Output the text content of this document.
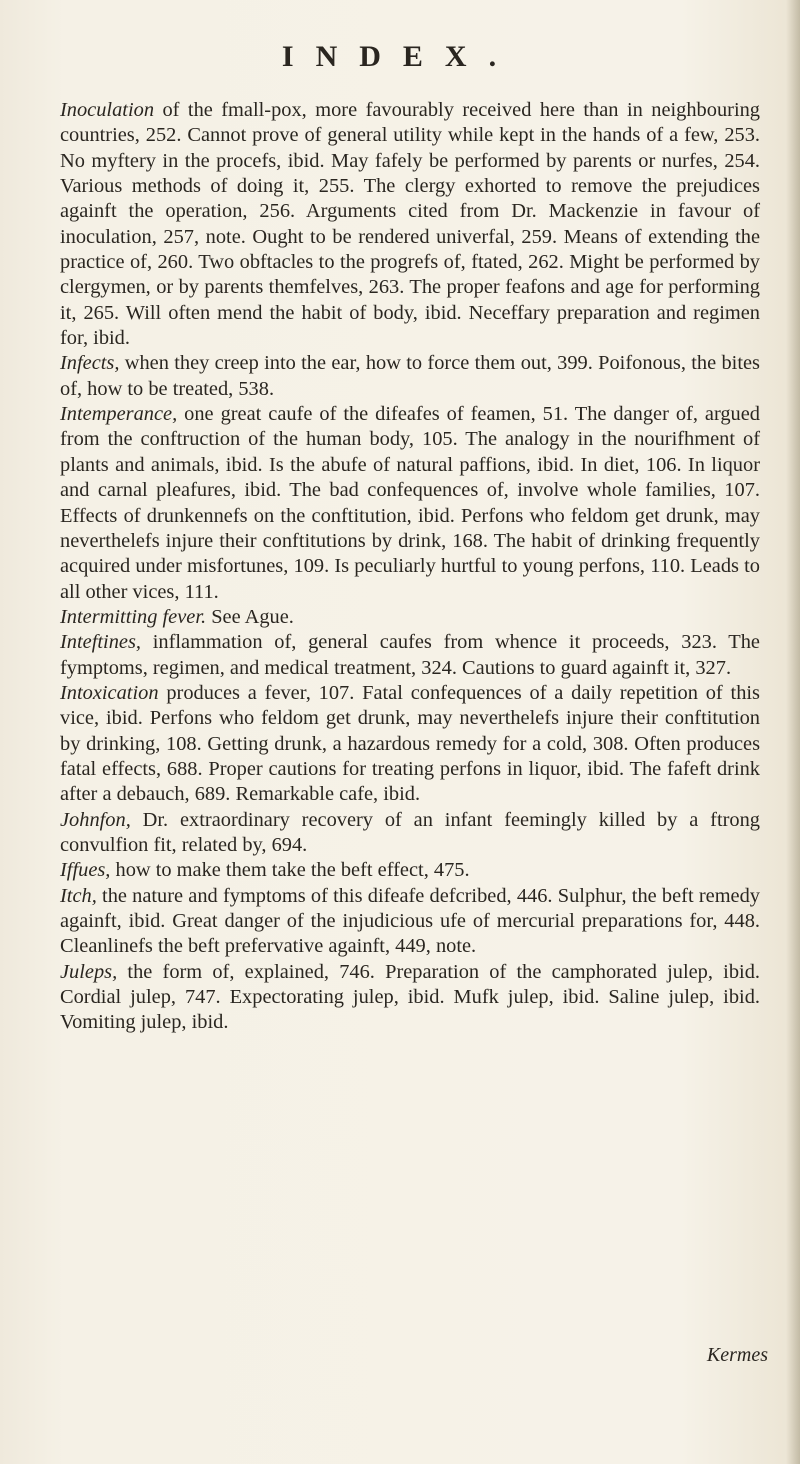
INDEX.

Inoculation of the fmall-pox, more favourably received here than in neighbouring countries, 252. Cannot prove of general utility while kept in the hands of a few, 253. No myftery in the procefs, ibid. May fafely be performed by parents or nurfes, 254. Various methods of doing it, 255. The clergy exhorted to remove the prejudices againft the operation, 256. Arguments cited from Dr. Mackenzie in favour of inoculation, 257, note. Ought to be rendered univerfal, 259. Means of extending the practice of, 260. Two obftacles to the progrefs of, ftated, 262. Might be performed by clergymen, or by parents themfelves, 263. The proper feafons and age for performing it, 265. Will often mend the habit of body, ibid. Neceffary preparation and regimen for, ibid.

Infects, when they creep into the ear, how to force them out, 399. Poifonous, the bites of, how to be treated, 538.

Intemperance, one great caufe of the difeafes of feamen, 51. The danger of, argued from the conftruction of the human body, 105. The analogy in the nourifhment of plants and animals, ibid. Is the abufe of natural paffions, ibid. In diet, 106. In liquor and carnal pleafures, ibid. The bad confequences of, involve whole families, 107. Effects of drunkennefs on the conftitution, ibid. Perfons who feldom get drunk, may neverthelefs injure their conftitutions by drink, 168. The habit of drinking frequently acquired under misfortunes, 109. Is peculiarly hurtful to young perfons, 110. Leads to all other vices, 111.

Intermitting fever. See Ague.

Inteftines, inflammation of, general caufes from whence it proceeds, 323. The fymptoms, regimen, and medical treatment, 324. Cautions to guard againft it, 327.

Intoxication produces a fever, 107. Fatal confequences of a daily repetition of this vice, ibid. Perfons who feldom get drunk, may neverthelefs injure their conftitution by drinking, 108. Getting drunk, a hazardous remedy for a cold, 308. Often produces fatal effects, 688. Proper cautions for treating perfons in liquor, ibid. The fafeft drink after a debauch, 689. Remarkable cafe, ibid.

Johnfon, Dr. extraordinary recovery of an infant feemingly killed by a ftrong convulfion fit, related by, 694.

Iffues, how to make them take the beft effect, 475.

Itch, the nature and fymptoms of this difeafe defcribed, 446. Sulphur, the beft remedy againft, ibid. Great danger of the injudicious ufe of mercurial preparations for, 448. Cleanlinefs the beft prefervative againft, 449, note.

Juleps, the form of, explained, 746. Preparation of the camphorated julep, ibid. Cordial julep, 747. Expectorating julep, ibid. Mufk julep, ibid. Saline julep, ibid. Vomiting julep, ibid.

Kermes
